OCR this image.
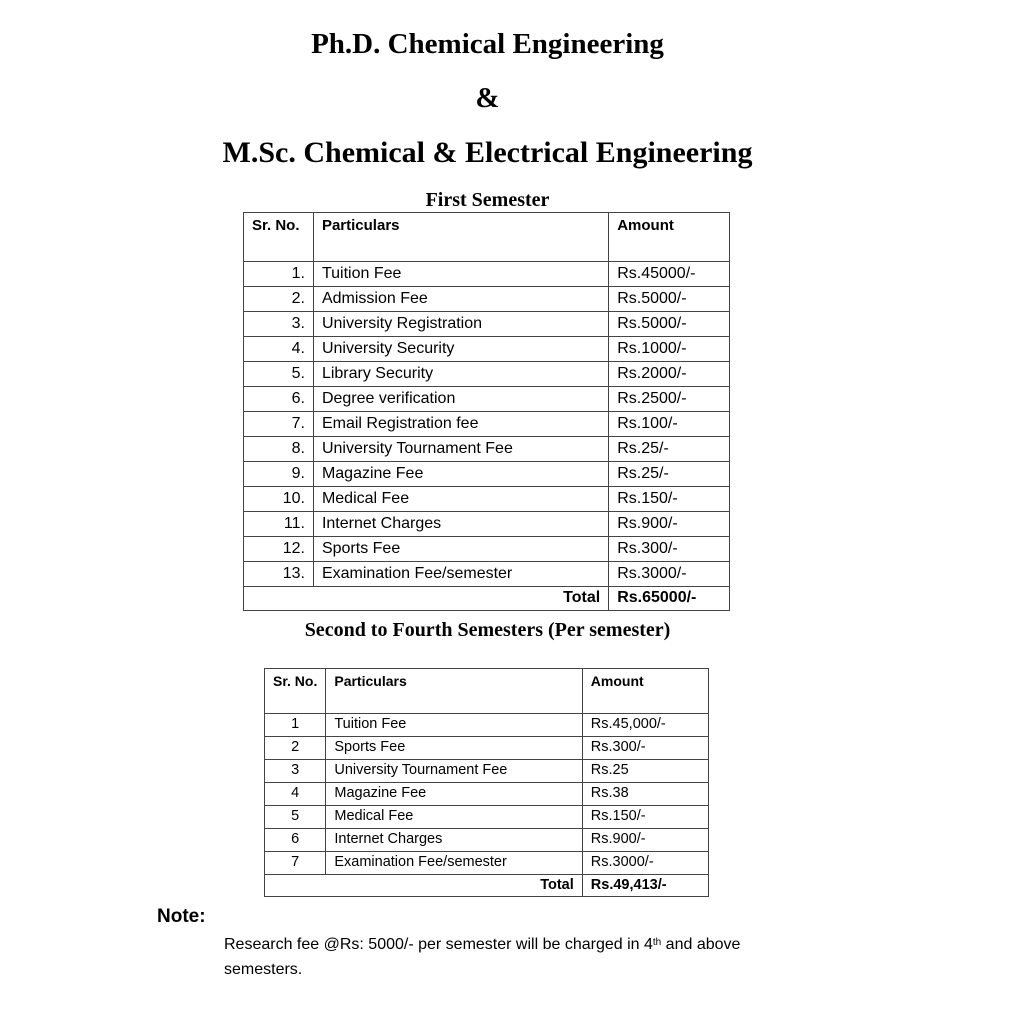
Ph.D. Chemical Engineering
&
M.Sc. Chemical & Electrical Engineering
First Semester
Sr. No.	Particulars	Amount
1.	Tuition Fee	Rs.45000/-
2.	Admission Fee	Rs.5000/-
3.	University Registration	Rs.5000/-
4.	University Security	Rs.1000/-
5.	Library Security	Rs.2000/-
6.	Degree verification	Rs.2500/-
7.	Email Registration fee	Rs.100/-
8.	University Tournament Fee	Rs.25/-
9.	Magazine Fee	Rs.25/-
10.	Medical Fee	Rs.150/-
11.	Internet Charges	Rs.900/-
12.	Sports Fee	Rs.300/-
13.	Examination Fee/semester	Rs.3000/-
Total		Rs.65000/-
Second to Fourth Semesters (Per semester)
Sr. No.	Particulars	Amount
1	Tuition Fee	Rs.45,000/-
2	Sports Fee	Rs.300/-
3	University Tournament Fee	Rs.25
4	Magazine Fee	Rs.38
5	Medical Fee	Rs.150/-
6	Internet Charges	Rs.900/-
7	Examination Fee/semester	Rs.3000/-
Total		Rs.49,413/-
Note:
Research fee @Rs: 5000/- per semester will be charged in 4th and above semesters.
